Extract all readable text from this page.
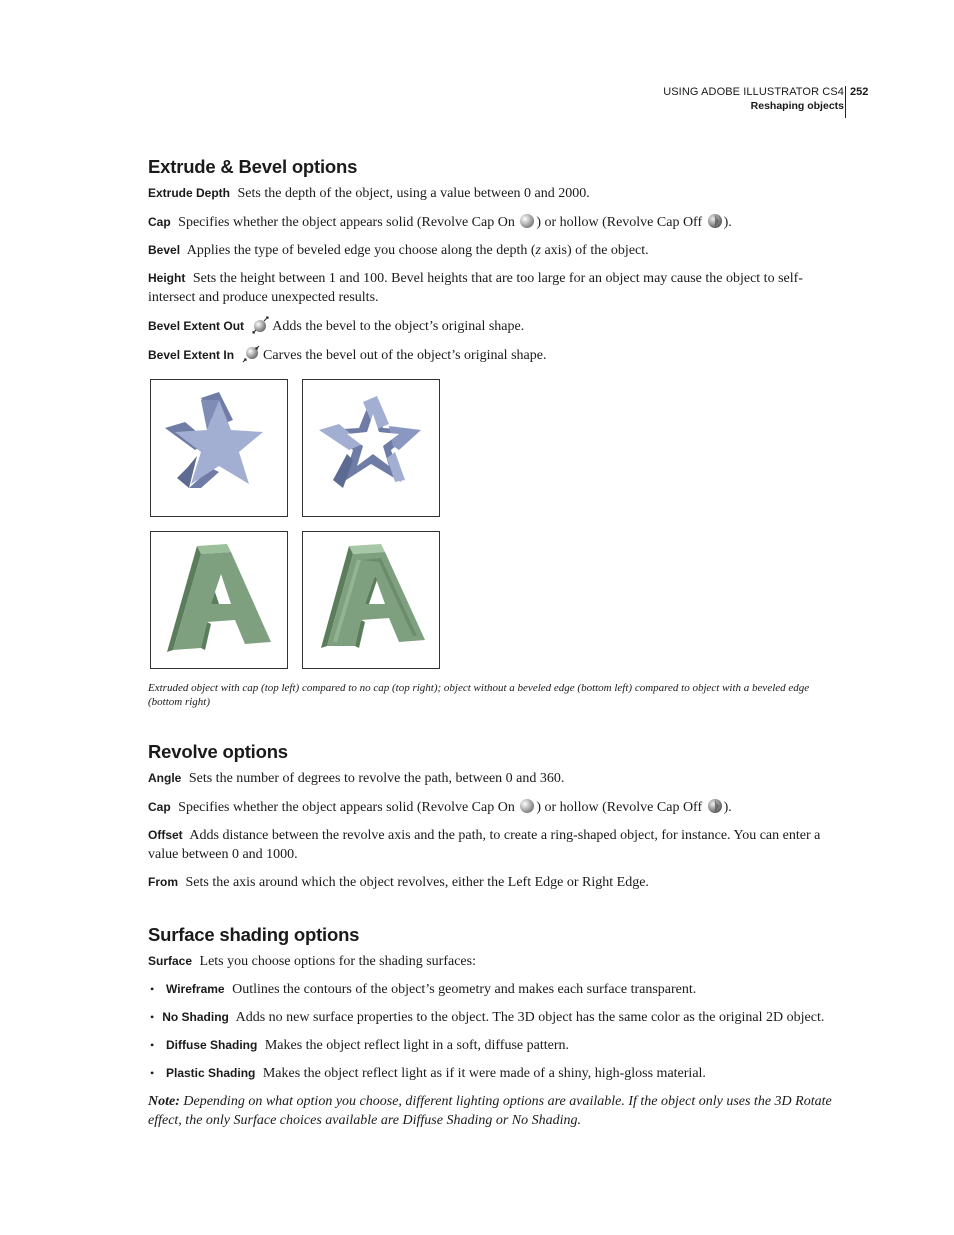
USING ADOBE ILLUSTRATOR CS4
Reshaping objects
252
Extrude & Bevel options

Extrude Depth Sets the depth of the object, using a value between 0 and 2000.

Cap Specifies whether the object appears solid (Revolve Cap On ) or hollow (Revolve Cap Off ).

Bevel Applies the type of beveled edge you choose along the depth (z axis) of the object.

Height Sets the height between 1 and 100. Bevel heights that are too large for an object may cause the object to self-intersect and produce unexpected results.

Bevel Extent Out Adds the bevel to the object’s original shape.

Bevel Extent In Carves the bevel out of the object’s original shape.

Extruded object with cap (top left) compared to no cap (top right); object without a beveled edge (bottom left) compared to object with a beveled edge (bottom right)

Revolve options

Angle Sets the number of degrees to revolve the path, between 0 and 360.

Cap Specifies whether the object appears solid (Revolve Cap On ) or hollow (Revolve Cap Off ).

Offset Adds distance between the revolve axis and the path, to create a ring-shaped object, for instance. You can enter a value between 0 and 1000.

From Sets the axis around which the object revolves, either the Left Edge or Right Edge.

Surface shading options

Surface Lets you choose options for the shading surfaces:

• Wireframe Outlines the contours of the object’s geometry and makes each surface transparent.

• No Shading Adds no new surface properties to the object. The 3D object has the same color as the original 2D object.

• Diffuse Shading Makes the object reflect light in a soft, diffuse pattern.

• Plastic Shading Makes the object reflect light as if it were made of a shiny, high-gloss material.

Note: Depending on what option you choose, different lighting options are available. If the object only uses the 3D Rotate effect, the only Surface choices available are Diffuse Shading or No Shading.
